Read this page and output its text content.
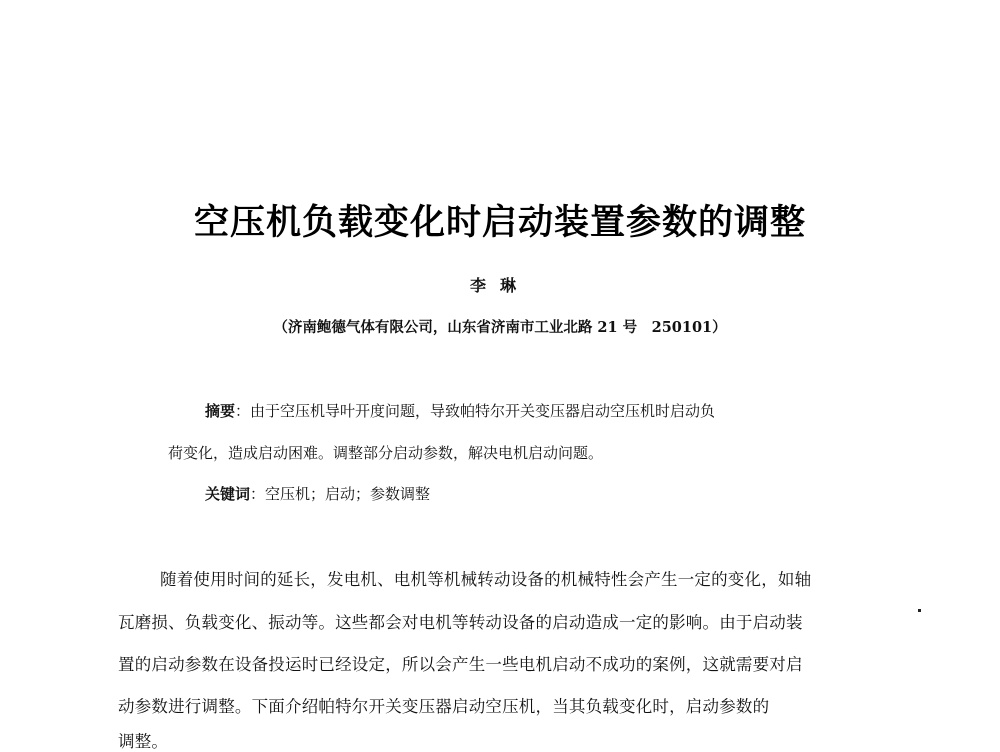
空压机负载变化时启动装置参数的调整
李琳
（济南鲍德气体有限公司，山东省济南市工业北路 21 号　250101）
摘要：由于空压机导叶开度问题，导致帕特尔开关变压器启动空压机时启动负
荷变化，造成启动困难。调整部分启动参数，解决电机启动问题。
关键词：空压机；启动；参数调整
随着使用时间的延长，发电机、电机等机械转动设备的机械特性会产生一定的变化，如轴
瓦磨损、负载变化、振动等。这些都会对电机等转动设备的启动造成一定的影响。由于启动装
置的启动参数在设备投运时已经设定，所以会产生一些电机启动不成功的案例，这就需要对启
动参数进行调整。下面介绍帕特尔开关变压器启动空压机，当其负载变化时，启动参数的
调整。
